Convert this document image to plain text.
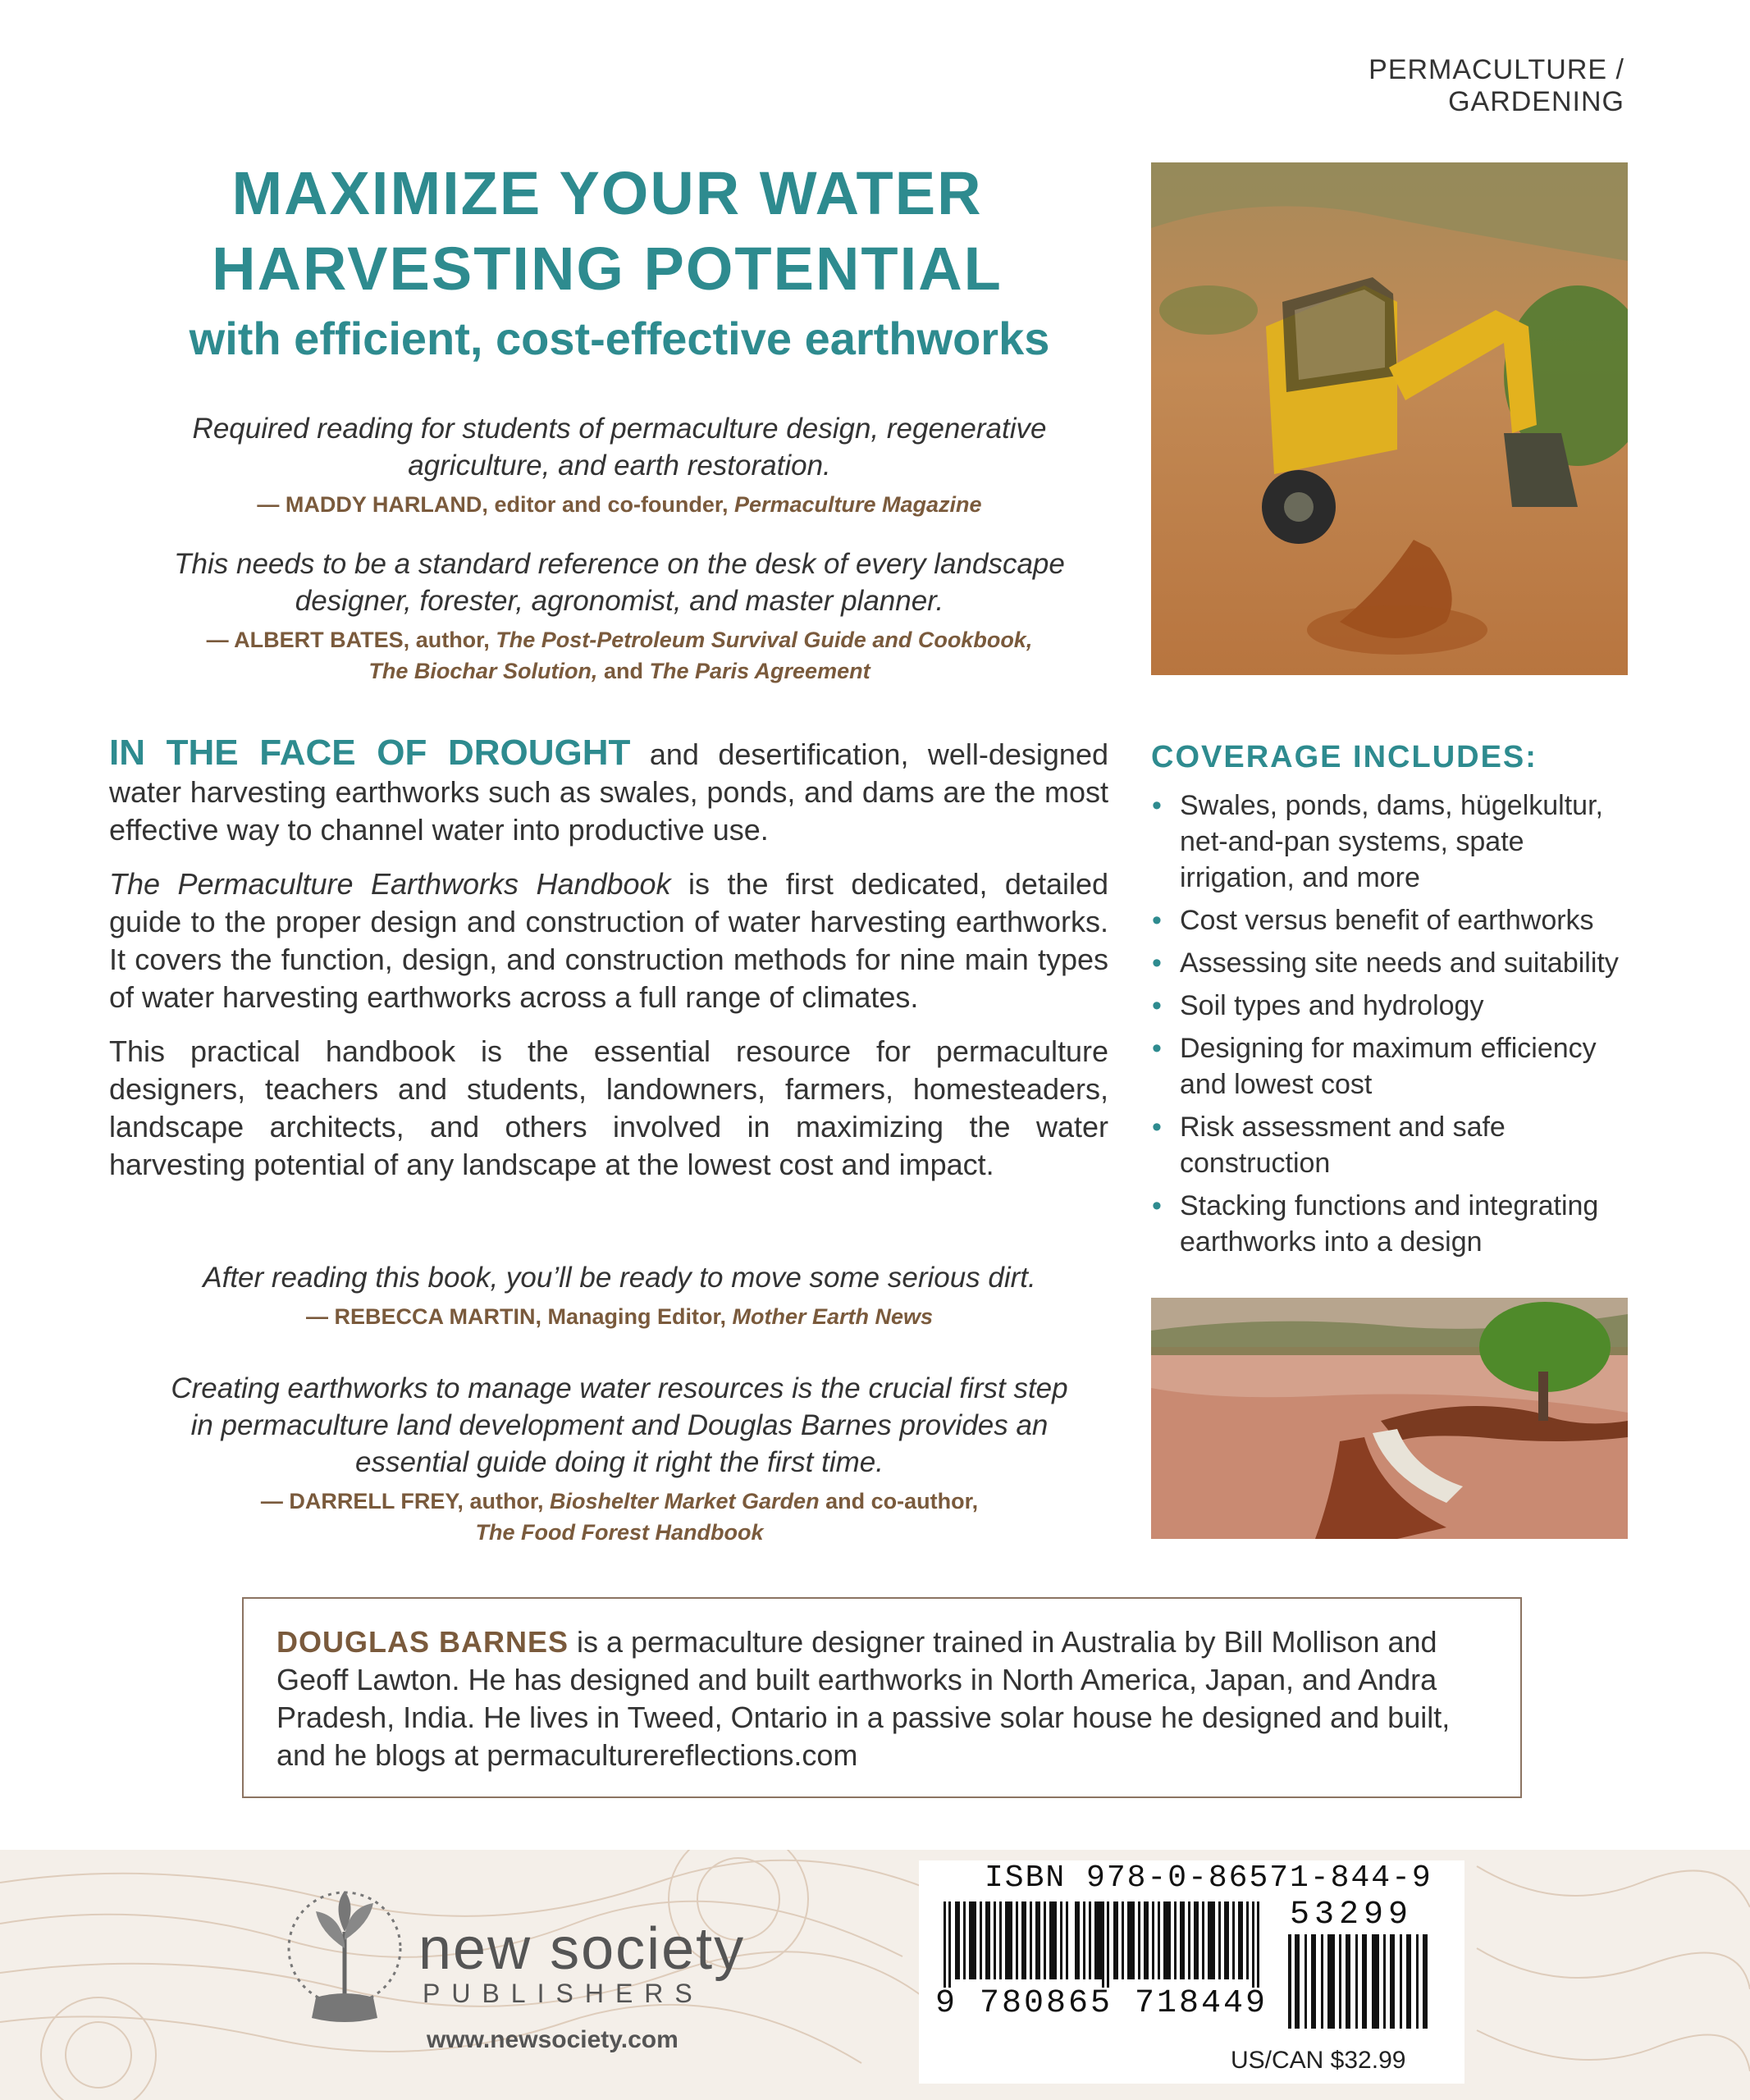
PERMACULTURE / GARDENING
MAXIMIZE YOUR WATER
HARVESTING POTENTIAL
with efficient, cost-effective earthworks
Required reading for students of permaculture design, regenerative
agriculture, and earth restoration.
— MADDY HARLAND, editor and co-founder, Permaculture Magazine
This needs to be a standard reference on the desk of every landscape
designer, forester, agronomist, and master planner.
— ALBERT BATES, author, The Post-Petroleum Survival Guide and Cookbook,
The Biochar Solution, and The Paris Agreement
IN THE FACE OF DROUGHT and desertification, well-designed water harvesting earthworks such as swales, ponds, and dams are the most effective way to channel water into productive use.
The Permaculture Earthworks Handbook is the first dedicated, detailed guide to the proper design and construction of water harvesting earthworks. It covers the function, design, and construction methods for nine main types of water harvesting earthworks across a full range of climates.
This practical handbook is the essential resource for permaculture designers, teachers and students, landowners, farmers, homesteaders, landscape architects, and others involved in maximizing the water harvesting potential of any landscape at the lowest cost and impact.
After reading this book, you’ll be ready to move some serious dirt.
— REBECCA MARTIN, Managing Editor, Mother Earth News
Creating earthworks to manage water resources is the crucial first step
in permaculture land development and Douglas Barnes provides an
essential guide doing it right the first time.
— DARRELL FREY, author, Bioshelter Market Garden and co-author,
The Food Forest Handbook
COVERAGE INCLUDES:
• Swales, ponds, dams, hügelkultur, net-and-pan systems, spate irrigation, and more
• Cost versus benefit of earthworks
• Assessing site needs and suitability
• Soil types and hydrology
• Designing for maximum efficiency and lowest cost
• Risk assessment and safe construction
• Stacking functions and integrating earthworks into a design
DOUGLAS BARNES is a permaculture designer trained in Australia by Bill Mollison and Geoff Lawton. He has designed and built earthworks in North America, Japan, and Andra Pradesh, India. He lives in Tweed, Ontario in a passive solar house he designed and built, and he blogs at permaculturereflections.com
new society
PUBLISHERS
www.newsociety.com
ISBN 978-0-86571-844-9
9 780865 718449
53299
US/CAN $32.99
